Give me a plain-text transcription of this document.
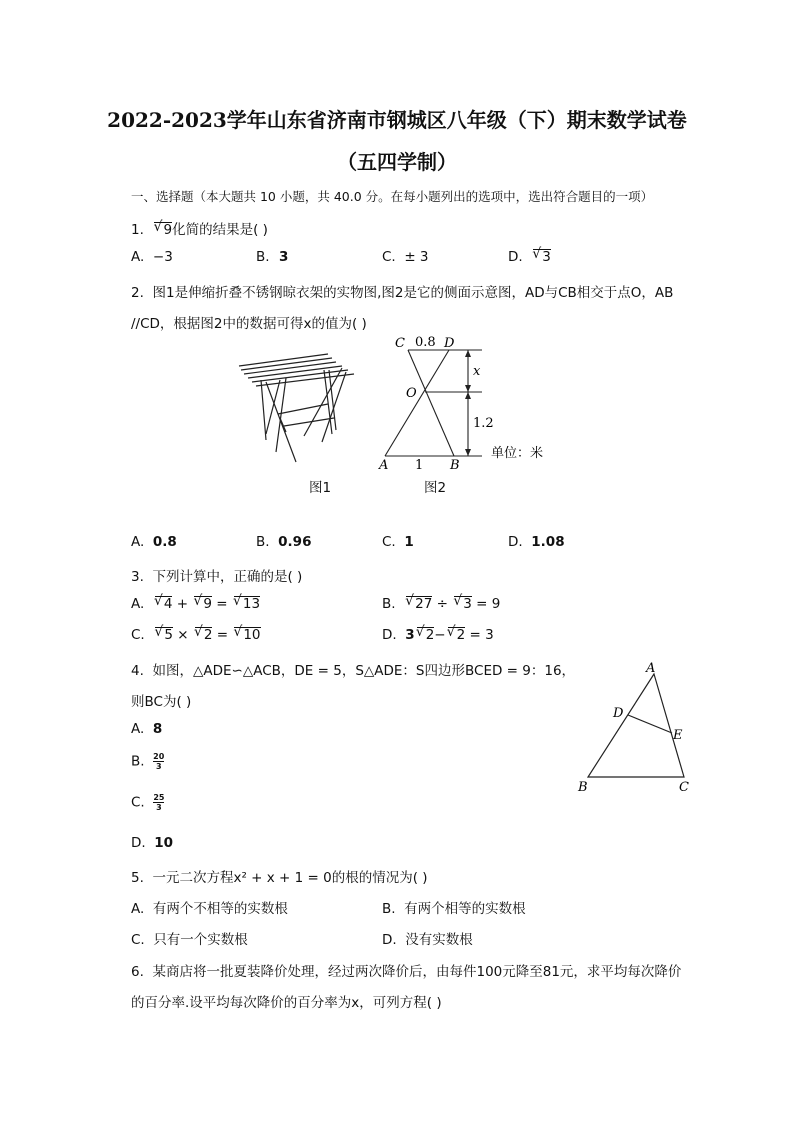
2022-2023学年山东省济南市钢城区八年级（下）期末数学试卷
（五四学制）
一、选择题（本大题共 10 小题，共 40.0 分。在每小题列出的选项中，选出符合题目的一项）
1. √ 9化简的结果是( )
A. −3	B. 3	C. ± 3	D. √ 3
2. 图1是伸缩折叠不锈钢晾衣架的实物图,图2是它的侧面示意图，AD与CB相交于点O，AB
//CD，根据图2中的数据可得x的值为( )
图1
C 0.8 D
O
x
1.2
A 1 B
单位：米
图2
A. 0.8	B. 0.96	C. 1	D. 1.08
3. 下列计算中，正确的是( )
A. √ 4 + √ 9 = √ 13	B. √ 27 ÷ √ 3 = 9
C. √ 5 × √ 2 = √ 10	D. 3 √ 2− √ 2 = 3
4. 如图，△ADE∽△ACB，DE = 5，S△ADE：S四边形BCED = 9：16，
则BC为( )
A. 8
B. $\frac{20}{3}$
C. $\frac{25}{3}$
D. 10
A
D
E
B	C
5. 一元二次方程x² + x + 1 = 0的根的情况为( )
A. 有两个不相等的实数根	B. 有两个相等的实数根
C. 只有一个实数根	D. 没有实数根
6. 某商店将一批夏装降价处理，经过两次降价后，由每件100元降至81元，求平均每次降价
的百分率.设平均每次降价的百分率为x，可列方程( )
